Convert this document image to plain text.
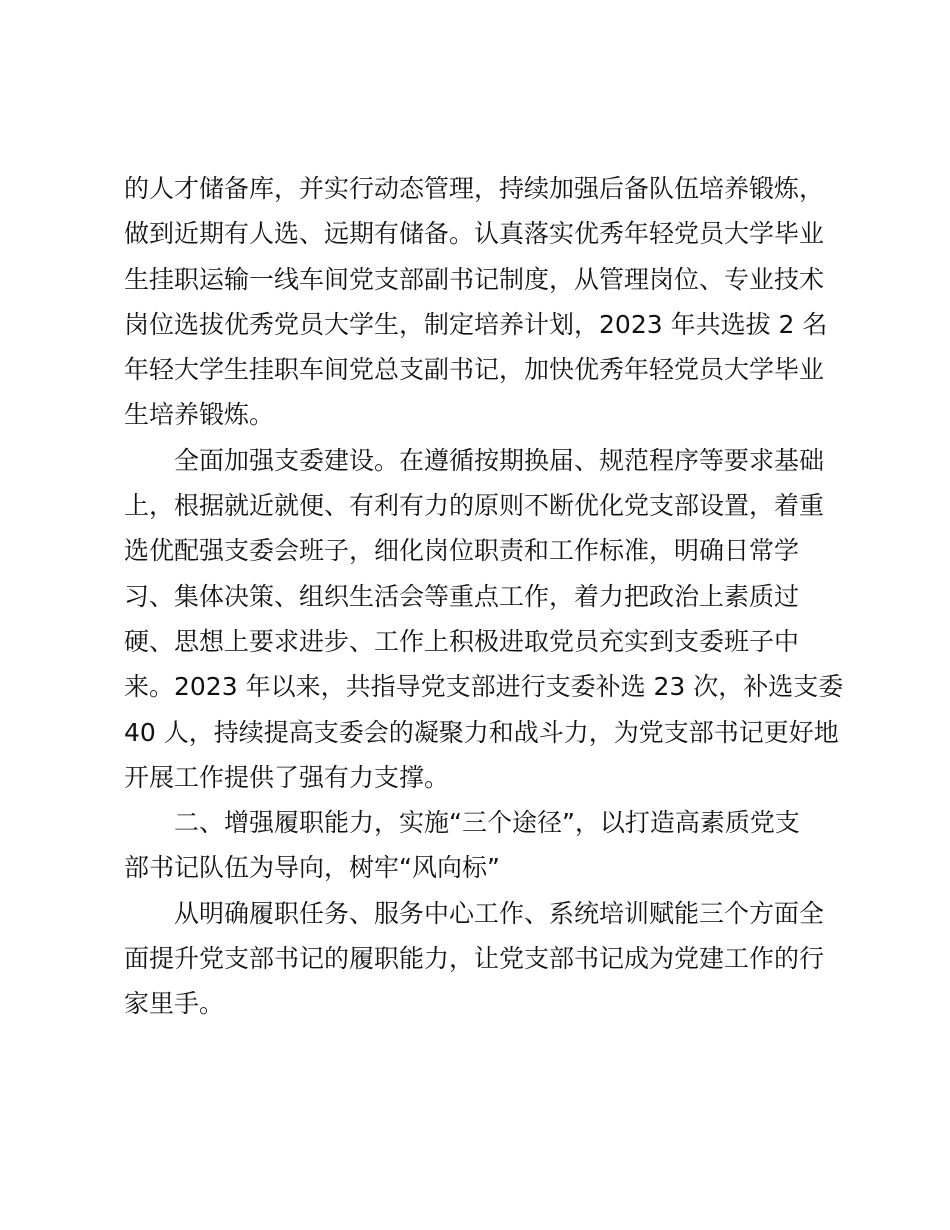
的人才储备库，并实行动态管理，持续加强后备队伍培养锻炼，
做到近期有人选、远期有储备。认真落实优秀年轻党员大学毕业
生挂职运输一线车间党支部副书记制度，从管理岗位、专业技术
岗位选拔优秀党员大学生，制定培养计划，2023 年共选拔 2 名
年轻大学生挂职车间党总支副书记，加快优秀年轻党员大学毕业
生培养锻炼。
全面加强支委建设。在遵循按期换届、规范程序等要求基础
上，根据就近就便、有利有力的原则不断优化党支部设置，着重
选优配强支委会班子，细化岗位职责和工作标准，明确日常学
习、集体决策、组织生活会等重点工作，着力把政治上素质过
硬、思想上要求进步、工作上积极进取党员充实到支委班子中
来。2023 年以来，共指导党支部进行支委补选 23 次，补选支委
40 人，持续提高支委会的凝聚力和战斗力，为党支部书记更好地
开展工作提供了强有力支撑。
二、增强履职能力，实施“三个途径”，以打造高素质党支
部书记队伍为导向，树牢“风向标”
从明确履职任务、服务中心工作、系统培训赋能三个方面全
面提升党支部书记的履职能力，让党支部书记成为党建工作的行
家里手。
